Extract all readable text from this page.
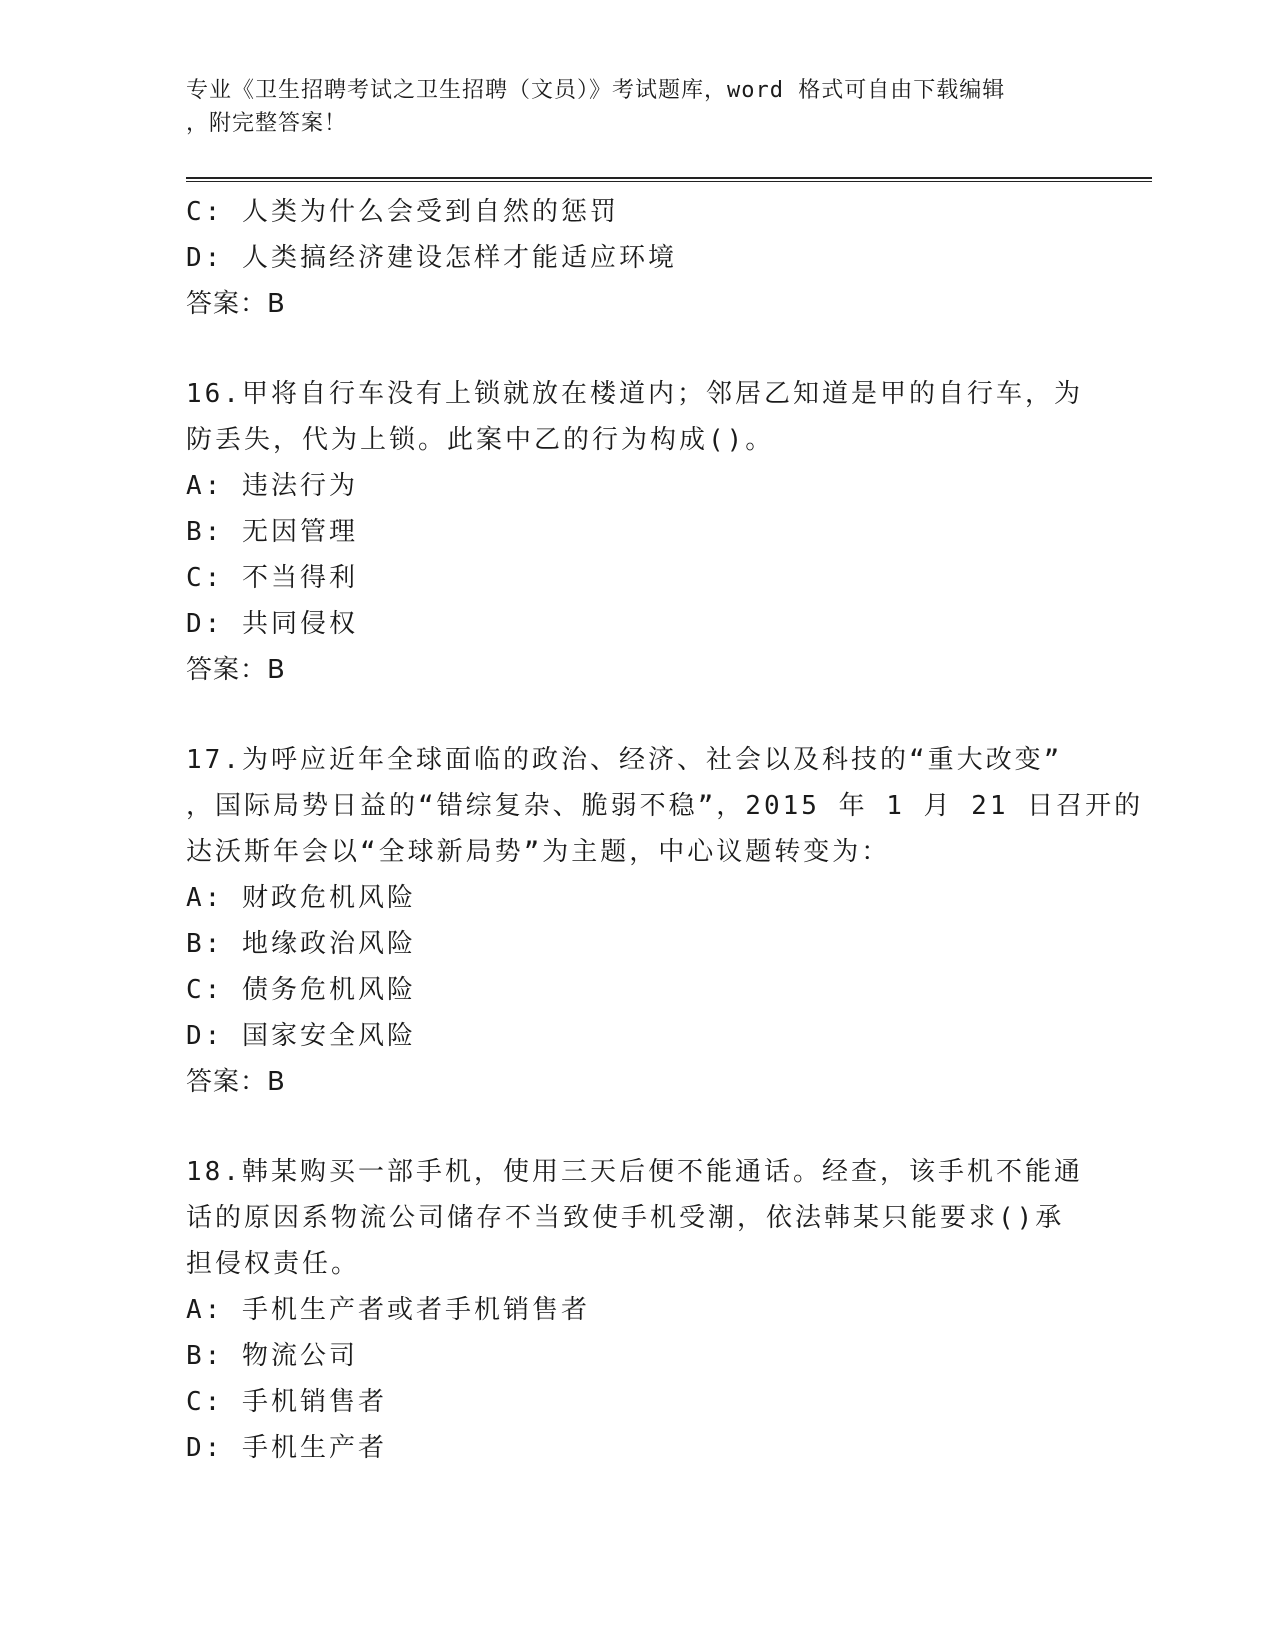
专业《卫生招聘考试之卫生招聘（文员）》考试题库，word 格式可自由下载编辑
，附完整答案！
C: 人类为什么会受到自然的惩罚
D: 人类搞经济建设怎样才能适应环境
答案：B
16.甲将自行车没有上锁就放在楼道内；邻居乙知道是甲的自行车，为
防丢失，代为上锁。此案中乙的行为构成()。
A: 违法行为
B: 无因管理
C: 不当得利
D: 共同侵权
答案：B
17.为呼应近年全球面临的政治、经济、社会以及科技的“重大改变”
，国际局势日益的“错综复杂、脆弱不稳”，2015 年 1 月 21 日召开的
达沃斯年会以“全球新局势”为主题，中心议题转变为：
A: 财政危机风险
B: 地缘政治风险
C: 债务危机风险
D: 国家安全风险
答案：B
18.韩某购买一部手机，使用三天后便不能通话。经查，该手机不能通
话的原因系物流公司储存不当致使手机受潮，依法韩某只能要求()承
担侵权责任。
A: 手机生产者或者手机销售者
B: 物流公司
C: 手机销售者
D: 手机生产者
